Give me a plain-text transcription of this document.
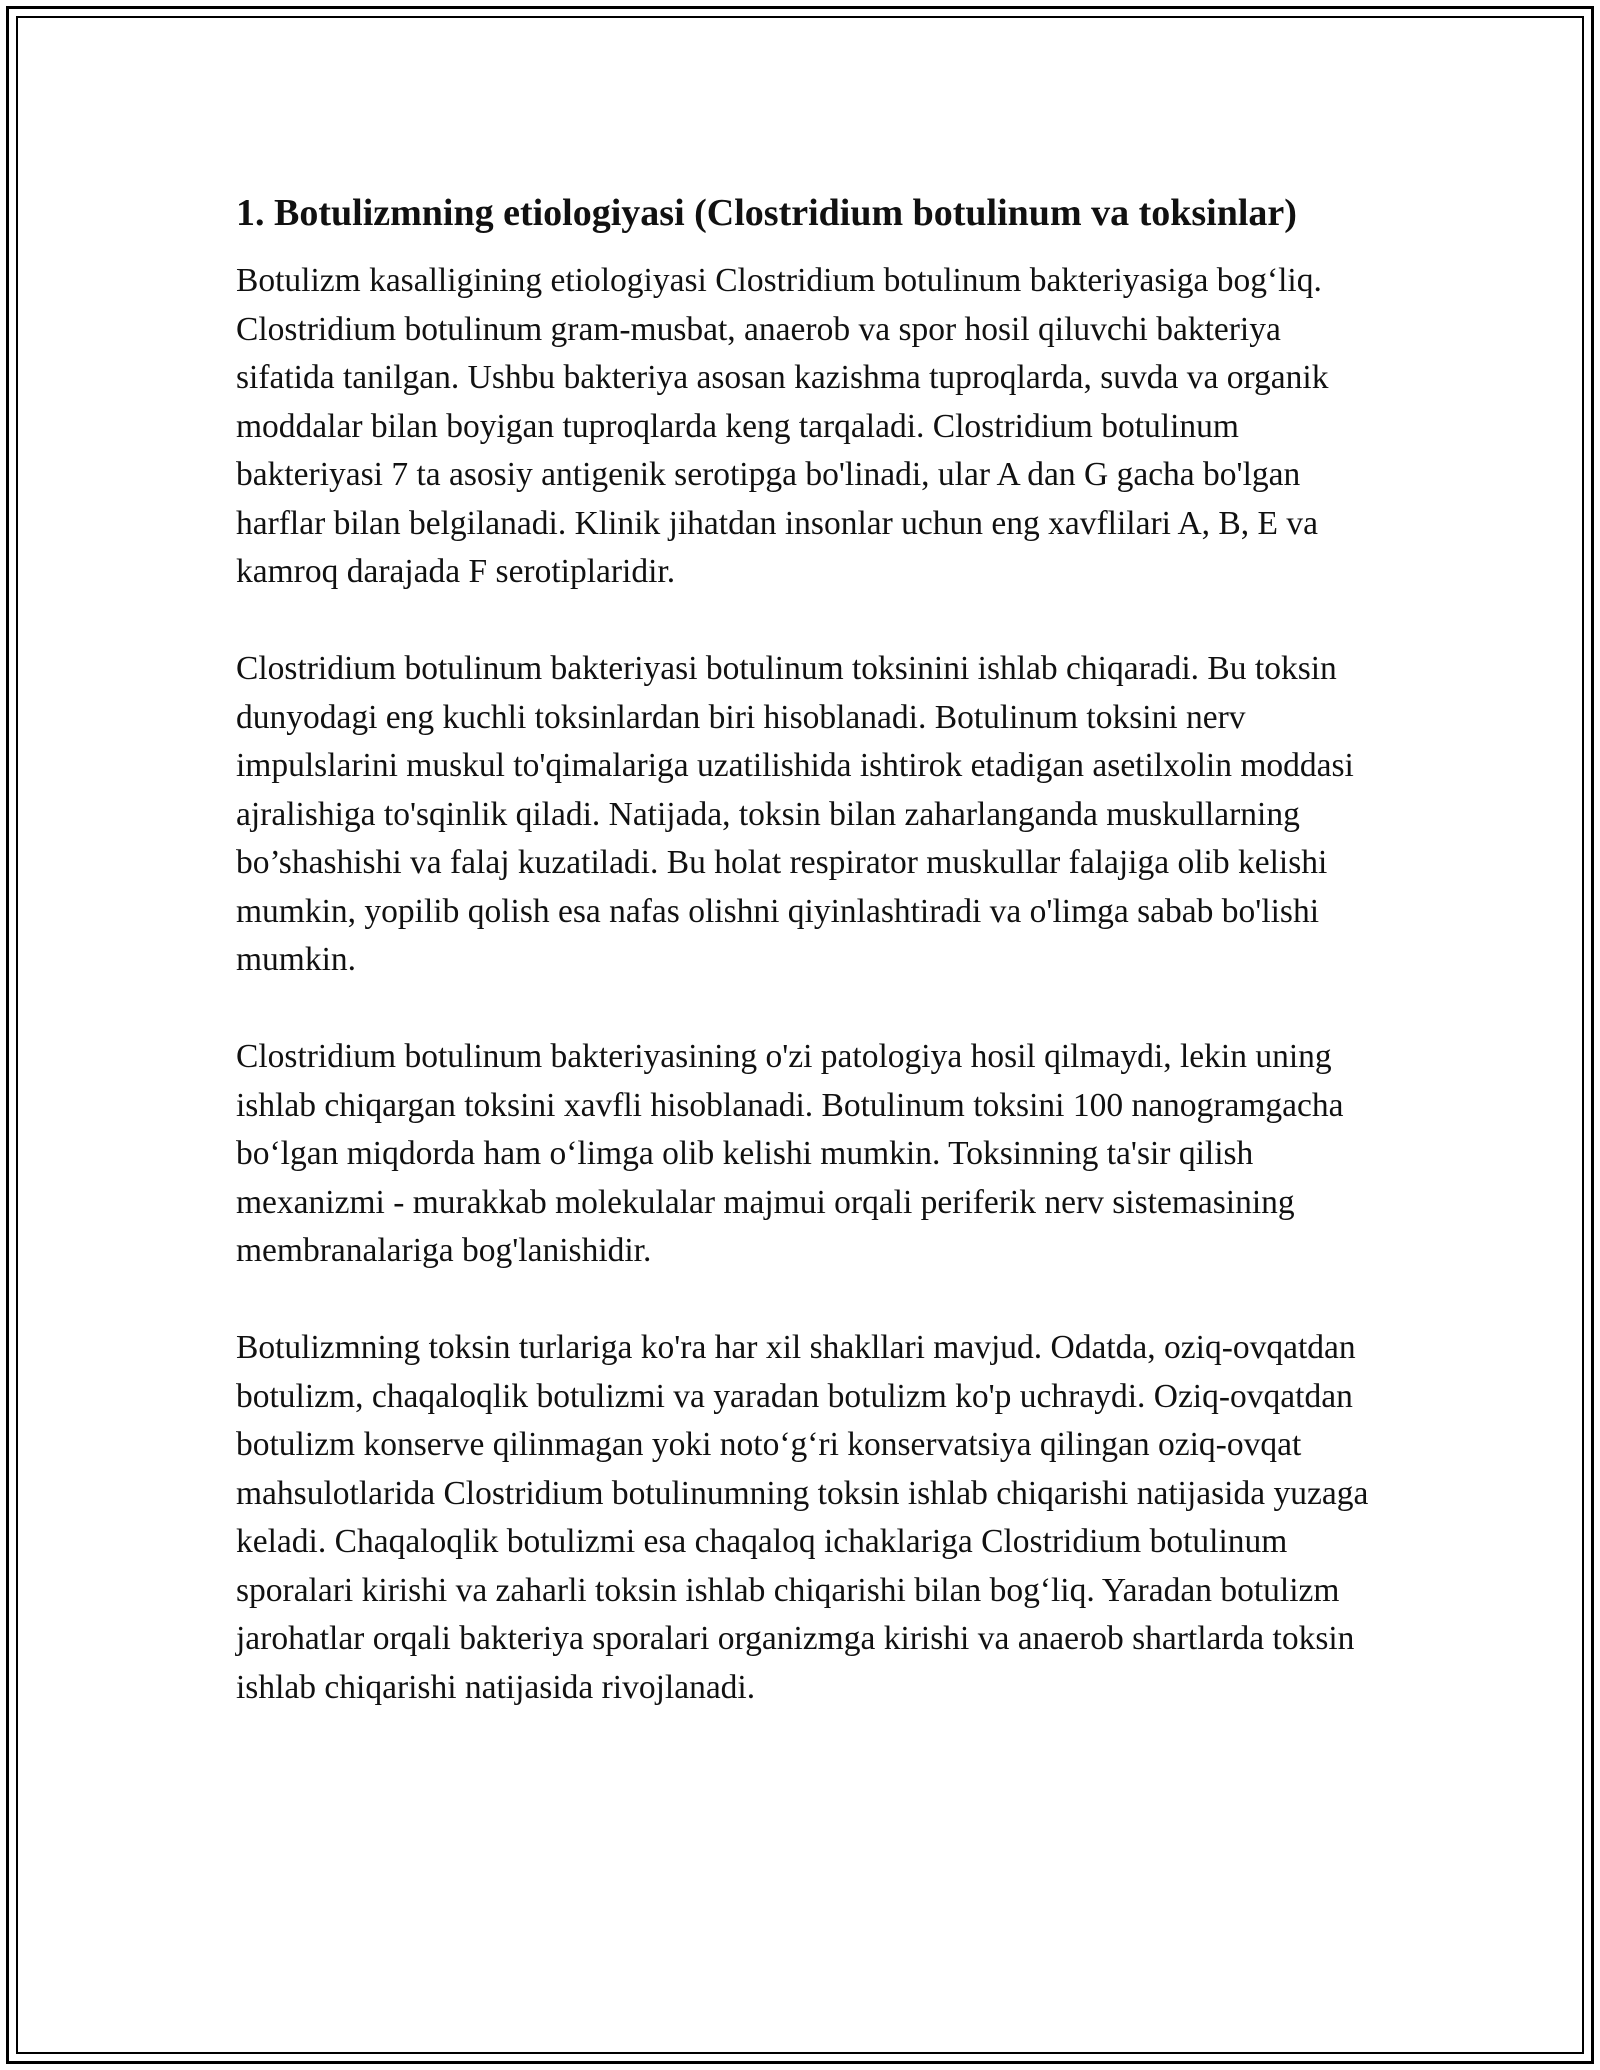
1. Botulizmning etiologiyasi (Clostridium botulinum va toksinlar)

Botulizm kasalligining etiologiyasi Clostridium botulinum bakteriyasiga bog‘liq. Clostridium botulinum gram-musbat, anaerob va spor hosil qiluvchi bakteriya sifatida tanilgan. Ushbu bakteriya asosan kazishma tuproqlarda, suvda va organik moddalar bilan boyigan tuproqlarda keng tarqaladi. Clostridium botulinum bakteriyasi 7 ta asosiy antigenik serotipga bo'linadi, ular A dan G gacha bo'lgan harflar bilan belgilanadi. Klinik jihatdan insonlar uchun eng xavflilari A, B, E va kamroq darajada F serotiplaridir.

Clostridium botulinum bakteriyasi botulinum toksinini ishlab chiqaradi. Bu toksin dunyodagi eng kuchli toksinlardan biri hisoblanadi. Botulinum toksini nerv impulslarini muskul to'qimalariga uzatilishida ishtirok etadigan asetilxolin moddasi ajralishiga to'sqinlik qiladi. Natijada, toksin bilan zaharlanganda muskullarning bo’shashishi va falaj kuzatiladi. Bu holat respirator muskullar falajiga olib kelishi mumkin, yopilib qolish esa nafas olishni qiyinlashtiradi va o'limga sabab bo'lishi mumkin.

Clostridium botulinum bakteriyasining o'zi patologiya hosil qilmaydi, lekin uning ishlab chiqargan toksini xavfli hisoblanadi. Botulinum toksini 100 nanogramgacha bo‘lgan miqdorda ham o‘limga olib kelishi mumkin. Toksinning ta'sir qilish mexanizmi - murakkab molekulalar majmui orqali periferik nerv sistemasining membranalariga bog'lanishidir.

Botulizmning toksin turlariga ko'ra har xil shakllari mavjud. Odatda, oziq-ovqatdan botulizm, chaqaloqlik botulizmi va yaradan botulizm ko'p uchraydi. Oziq-ovqatdan botulizm konserve qilinmagan yoki noto‘g‘ri konservatsiya qilingan oziq-ovqat mahsulotlarida Clostridium botulinumning toksin ishlab chiqarishi natijasida yuzaga keladi. Chaqaloqlik botulizmi esa chaqaloq ichaklariga Clostridium botulinum sporalari kirishi va zaharli toksin ishlab chiqarishi bilan bog‘liq. Yaradan botulizm jarohatlar orqali bakteriya sporalari organizmga kirishi va anaerob shartlarda toksin ishlab chiqarishi natijasida rivojlanadi.
